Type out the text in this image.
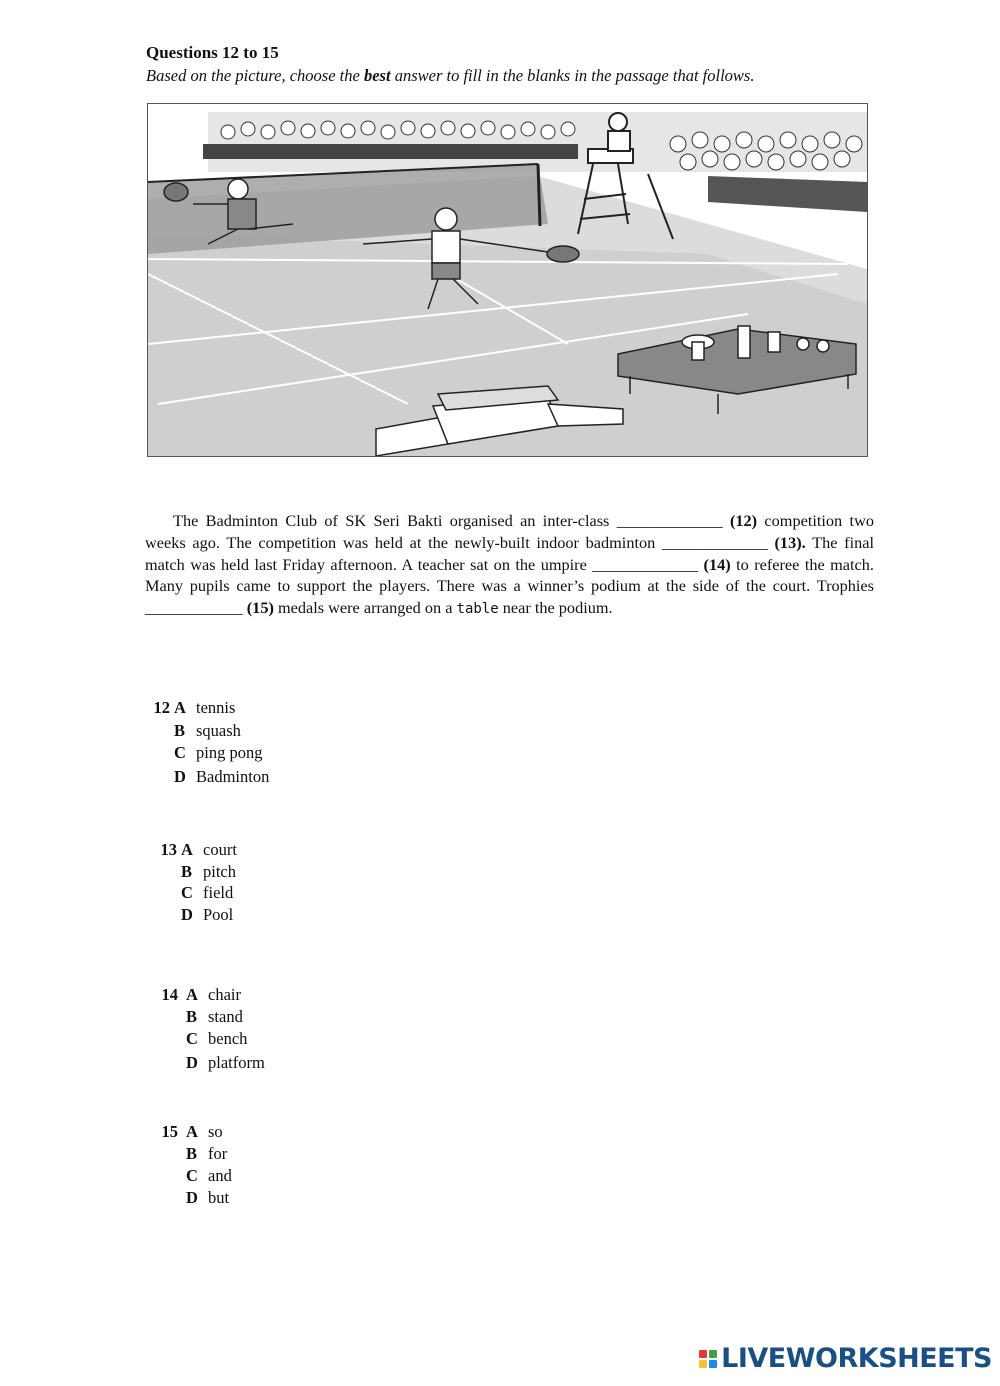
Questions 12 to 15
Based on the picture, choose the best answer to fill in the blanks in the passage that follows.
The Badminton Club of SK Seri Bakti organised an inter-class _____________ (12) competition two weeks ago. The competition was held at the newly-built indoor badminton _____________ (13). The final match was held last Friday afternoon. A teacher sat on the umpire _____________ (14) to referee the match. Many pupils came to support the players. There was a winner’s podium at the side of the court. Trophies ____________ (15) medals were arranged on a table near the podium.
12 A tennis
B squash
C ping pong
D Badminton
13 A court
B pitch
C field
D Pool
14 A chair
B stand
C bench
D platform
15 A so
B for
C and
D but
LIVEWORKSHEETS
